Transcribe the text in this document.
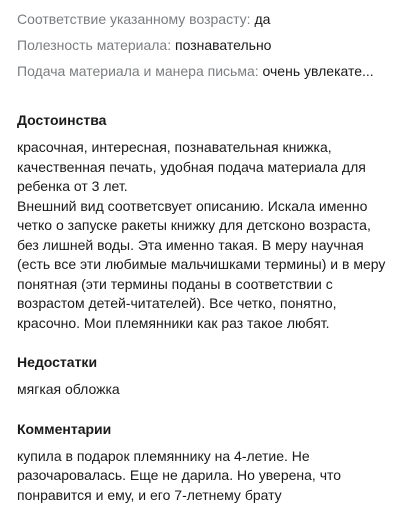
Соответствие указанному возрасту: да
Полезность материала: познавательно
Подача материала и манера письма: очень увлекате...
Достоинства
красочная, интересная, познавательная книжка, качественная печать, удобная подача материала для ребенка от 3 лет.
Внешний вид соответсвует описанию. Искала именно четко о запуске ракеты книжку для детсконо возраста, без лишней воды. Эта именно такая. В меру научная (есть все эти любимые мальчишками термины) и в меру понятная (эти термины поданы в соответствии с возрастом детей-читателей). Все четко, понятно, красочно. Мои племянники как раз такое любят.
Недостатки
мягкая обложка
Комментарии
купила в подарок племяннику на 4-летие. Не разочаровалась. Еще не дарила. Но уверена, что понравится и ему, и его 7-летнему брату
